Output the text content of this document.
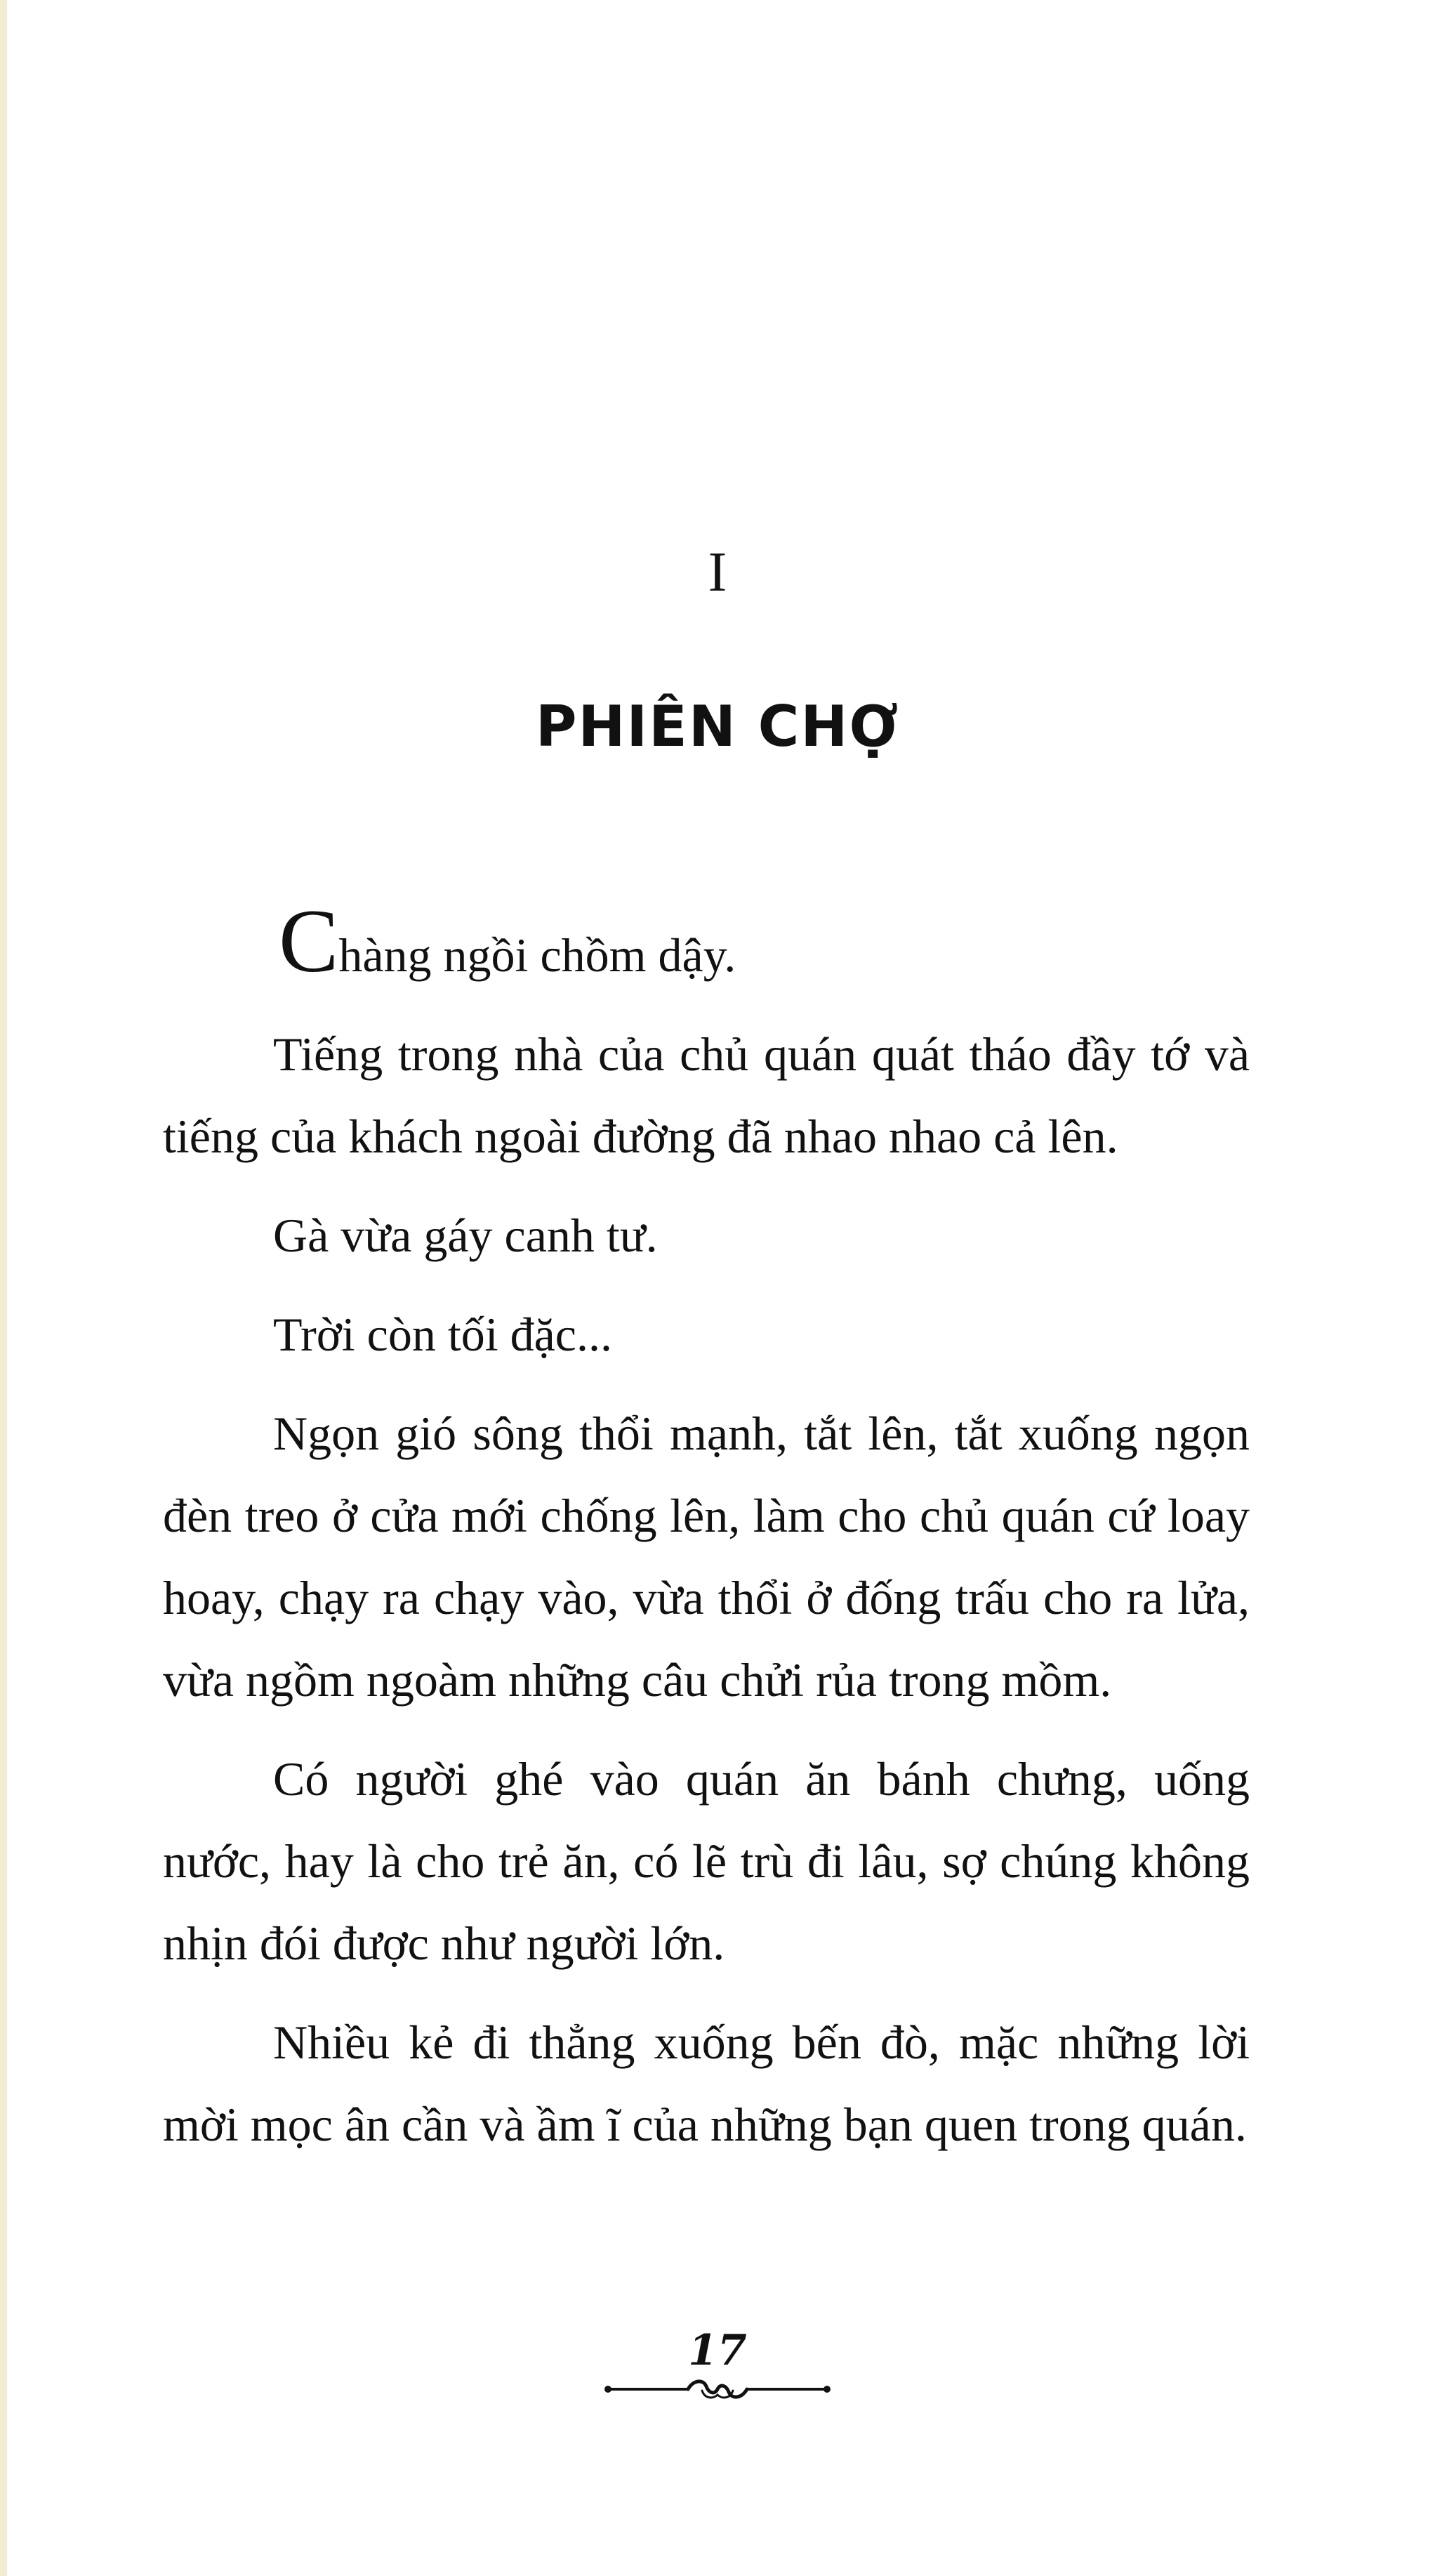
I
PHIÊN CHỢ

Chàng ngồi chồm dậy.

Tiếng trong nhà của chủ quán quát tháo đầy tớ và tiếng của khách ngoài đường đã nhao nhao cả lên.

Gà vừa gáy canh tư.

Trời còn tối đặc...

Ngọn gió sông thổi mạnh, tắt lên, tắt xuống ngọn đèn treo ở cửa mới chống lên, làm cho chủ quán cứ loay hoay, chạy ra chạy vào, vừa thổi ở đống trấu cho ra lửa, vừa ngồm ngoàm những câu chửi rủa trong mồm.

Có người ghé vào quán ăn bánh chưng, uống nước, hay là cho trẻ ăn, có lẽ trù đi lâu, sợ chúng không nhịn đói được như người lớn.

Nhiều kẻ đi thẳng xuống bến đò, mặc những lời mời mọc ân cần và ầm ĩ của những bạn quen trong quán.

17
